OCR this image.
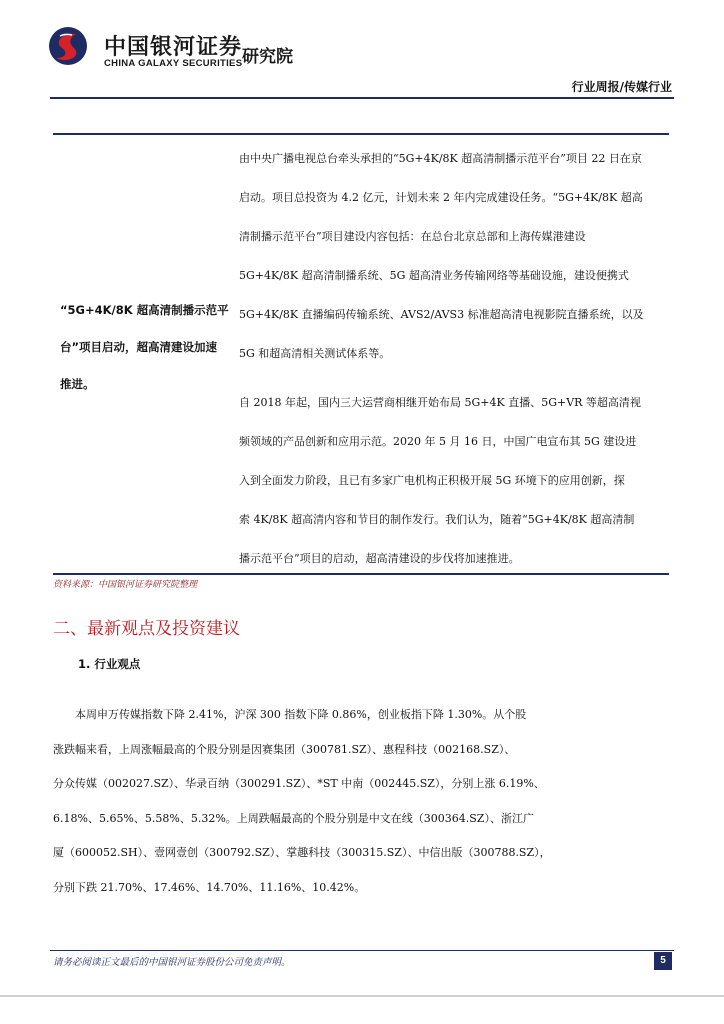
中国银河证券
CHINA GALAXY SECURITIES 研究院
行业周报/传媒行业
“5G+4K/8K 超高清制播示范平
台”项目启动，超高清建设加速
推进。
由中央广播电视总台牵头承担的“5G+4K/8K 超高清制播示范平台”项目 22 日在京
启动。项目总投资为 4.2 亿元，计划未来 2 年内完成建设任务。“5G+4K/8K 超高
清制播示范平台”项目建设内容包括：在总台北京总部和上海传媒港建设
5G+4K/8K 超高清制播系统、5G 超高清业务传输网络等基础设施，建设便携式
5G+4K/8K 直播编码传输系统、AVS2/AVS3 标准超高清电视影院直播系统，以及
5G 和超高清相关测试体系等。
自 2018 年起，国内三大运营商相继开始布局 5G+4K 直播、5G+VR 等超高清视
频领域的产品创新和应用示范。2020 年 5 月 16 日，中国广电宣布其 5G 建设进
入到全面发力阶段，且已有多家广电机构正积极开展 5G 环境下的应用创新，探
索 4K/8K 超高清内容和节目的制作发行。我们认为，随着“5G+4K/8K 超高清制
播示范平台”项目的启动，超高清建设的步伐将加速推进。
资料来源：中国银河证券研究院整理
二、最新观点及投资建议
1. 行业观点
本周申万传媒指数下降 2.41%，沪深 300 指数下降 0.86%，创业板指下降 1.30%。从个股
涨跌幅来看，上周涨幅最高的个股分别是因赛集团（300781.SZ）、惠程科技（002168.SZ）、
分众传媒（002027.SZ）、华录百纳（300291.SZ）、*ST 中南（002445.SZ），分别上涨 6.19%、
6.18%、5.65%、5.58%、5.32%。上周跌幅最高的个股分别是中文在线（300364.SZ）、浙江广
厦（600052.SH）、壹网壹创（300792.SZ）、掌趣科技（300315.SZ）、中信出版（300788.SZ），
分别下跌 21.70%、17.46%、14.70%、11.16%、10.42%。
请务必阅读正文最后的中国银河证券股份公司免责声明。	5
